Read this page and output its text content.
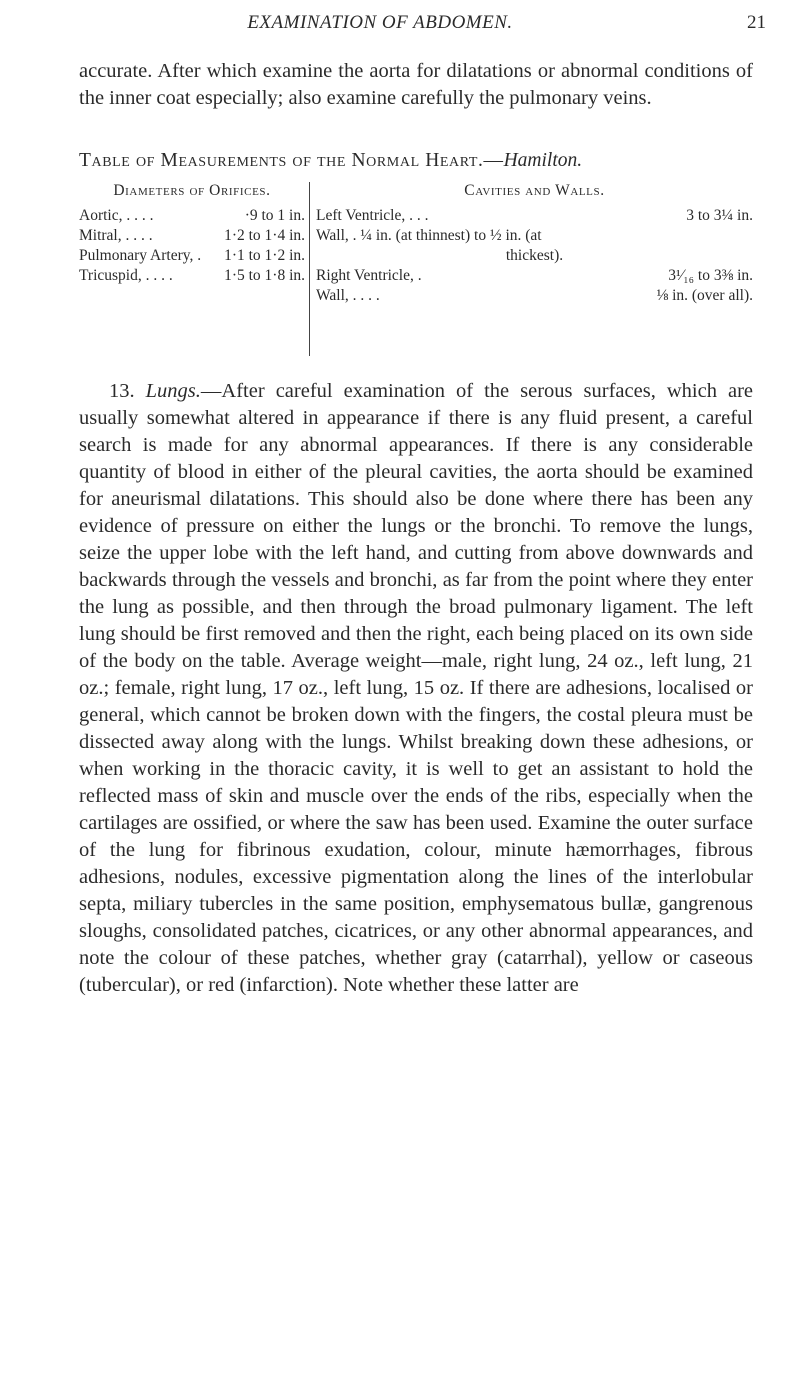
EXAMINATION OF ABDOMEN.	21

accurate. After which examine the aorta for dilatations or abnormal conditions of the inner coat especially; also examine carefully the pulmonary veins.

Table of Measurements of the Normal Heart.—Hamilton.

Diameters of Orifices.
Aortic, . . . .	·9 to 1 in.
Mitral, . . . .	1·2 to 1·4 in.
Pulmonary Artery, . 1·1 to 1·2 in.
Tricuspid, . . . .	1·5 to 1·8 in.
Cavities and Walls.
Left Ventricle, . . .	3 to 3¼ in.
Wall, . ¼ in. (at thinnest) to ½ in. (at
thickest).
Right Ventricle, .	3¹⁄₁₆ to 3⅜ in.
Wall, . . . .	⅛ in. (over all).

13. Lungs.—After careful examination of the serous surfaces, which are usually somewhat altered in appearance if there is any fluid present, a careful search is made for any abnormal appearances. If there is any considerable quantity of blood in either of the pleural cavities, the aorta should be examined for aneurismal dilatations. This should also be done where there has been any evidence of pressure on either the lungs or the bronchi. To remove the lungs, seize the upper lobe with the left hand, and cutting from above downwards and backwards through the vessels and bronchi, as far from the point where they enter the lung as possible, and then through the broad pulmonary ligament. The left lung should be first removed and then the right, each being placed on its own side of the body on the table. Average weight—male, right lung, 24 oz., left lung, 21 oz.; female, right lung, 17 oz., left lung, 15 oz. If there are adhesions, localised or general, which cannot be broken down with the fingers, the costal pleura must be dissected away along with the lungs. Whilst breaking down these adhesions, or when working in the thoracic cavity, it is well to get an assistant to hold the reflected mass of skin and muscle over the ends of the ribs, especially when the cartilages are ossified, or where the saw has been used. Examine the outer surface of the lung for fibrinous exudation, colour, minute hæmorrhages, fibrous adhesions, nodules, excessive pigmentation along the lines of the interlobular septa, miliary tubercles in the same position, emphysematous bullæ, gangrenous sloughs, consolidated patches, cicatrices, or any other abnormal appearances, and note the colour of these patches, whether gray (catarrhal), yellow or caseous (tubercular), or red (infarction). Note whether these latter are
